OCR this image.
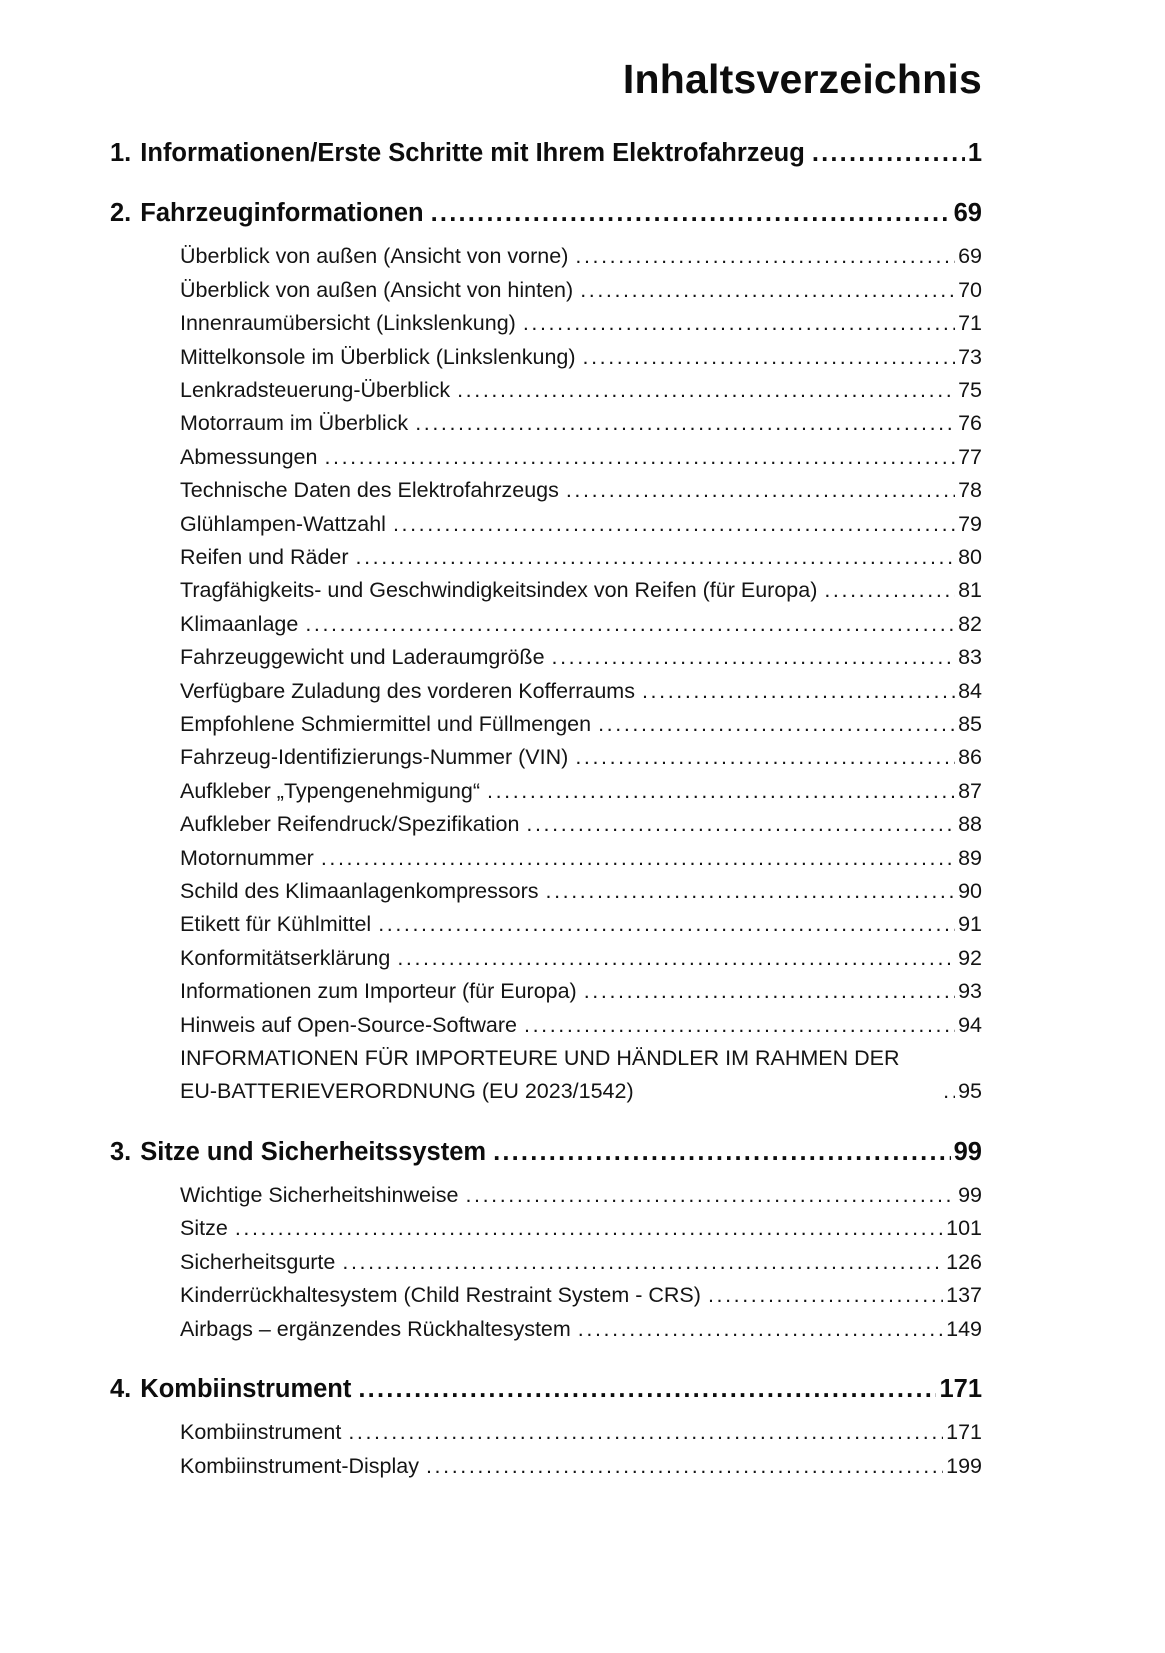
Inhaltsverzeichnis
1. Informationen/Erste Schritte mit Ihrem Elektrofahrzeug .....	1
2. Fahrzeuginformationen .....	69
Überblick von außen (Ansicht von vorne) .....	69
Überblick von außen (Ansicht von hinten) .....	70
Innenraumübersicht (Linkslenkung) .....	71
Mittelkonsole im Überblick (Linkslenkung) .....	73
Lenkradsteuerung-Überblick .....	75
Motorraum im Überblick .....	76
Abmessungen .....	77
Technische Daten des Elektrofahrzeugs .....	78
Glühlampen-Wattzahl .....	79
Reifen und Räder .....	80
Tragfähigkeits- und Geschwindigkeitsindex von Reifen (für Europa) .....	81
Klimaanlage .....	82
Fahrzeuggewicht und Laderaumgröße .....	83
Verfügbare Zuladung des vorderen Kofferraums .....	84
Empfohlene Schmiermittel und Füllmengen .....	85
Fahrzeug-Identifizierungs-Nummer (VIN) .....	86
Aufkleber „Typengenehmigung“ .....	87
Aufkleber Reifendruck/Spezifikation .....	88
Motornummer .....	89
Schild des Klimaanlagenkompressors .....	90
Etikett für Kühlmittel .....	91
Konformitätserklärung .....	92
Informationen zum Importeur (für Europa) .....	93
Hinweis auf Open-Source-Software .....	94
INFORMATIONEN FÜR IMPORTEURE UND HÄNDLER IM RAHMEN DER EU-BATTERIEVERORDNUNG (EU 2023/1542) .....	95
3. Sitze und Sicherheitssystem .....	99
Wichtige Sicherheitshinweise .....	99
Sitze .....	101
Sicherheitsgurte .....	126
Kinderrückhaltesystem (Child Restraint System - CRS) .....	137
Airbags – ergänzendes Rückhaltesystem .....	149
4. Kombiinstrument .....	171
Kombiinstrument .....	171
Kombiinstrument-Display .....	199
